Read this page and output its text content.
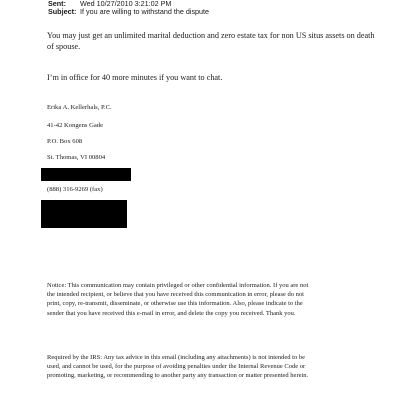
Sent: Wed 10/27/2010 3:21:02 PM
Subject: If you are willing to withstand the dispute
You may just get an unlimited marital deduction and zero estate tax for non US situs assets on death of spouse.
I’m in office for 40 more minutes if you want to chat.
Erika A. Kellerhals, P.C.
41-42 Kongens Gade
P.O. Box 608
St. Thomas, VI 00804
(888) 316-9269 (fax)
Notice: This communication may contain privileged or other confidential information. If you are not
the intended recipient, or believe that you have received this communication in error, please do not
print, copy, re-transmit, disseminate, or otherwise use this information. Also, please indicate to the
sender that you have received this e-mail in error, and delete the copy you received. Thank you.
Required by the IRS: Any tax advice in this email (including any attachments) is not intended to be
used, and cannot be used, for the purpose of avoiding penalties under the Internal Revenue Code or
promoting, marketing, or recommending to another party any transaction or matter presented herein.
